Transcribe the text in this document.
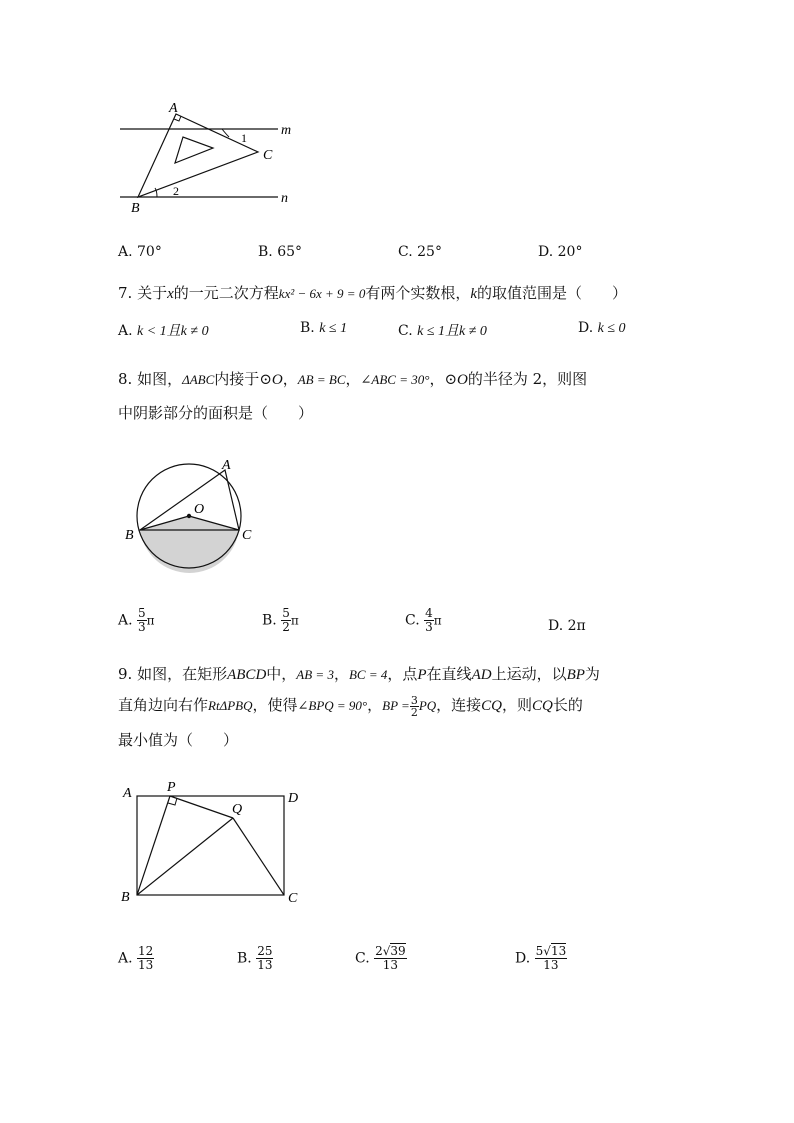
A
B
C
m
n
1
2
A. 70°	B. 65°	C. 25°	D. 20°
7. 关于x的一元二次方程kx² − 6x + 9 = 0有两个实数根，k的取值范围是（　　）
A. k < 1且k ≠ 0	B. k ≤ 1	C. k ≤ 1且k ≠ 0	D. k ≤ 0
8. 如图，ΔABC内接于⊙O，AB = BC，∠ABC = 30°，⊙O的半径为 2，则图
中阴影部分的面积是（　　）
A
B	C
O
A. $\frac{5}{3}$ π	B. $\frac{5}{2}$ π	C. $\frac{4}{3}$ π	D. 2π
9. 如图，在矩形ABCD中，AB = 3，BC = 4，点P在直线AD上运动，以BP为
直角边向右作RtΔPBQ，使得∠BPQ = 90°，BP = $\frac{3}{2}$ PQ，连接CQ，则CQ长的
最小值为（　　）
A	P
Q
D
B	C
A. $\frac{12}{13}$	B. $\frac{25}{13}$	C. $\frac{2√39}{13}$	D. $\frac{5√13}{13}$
